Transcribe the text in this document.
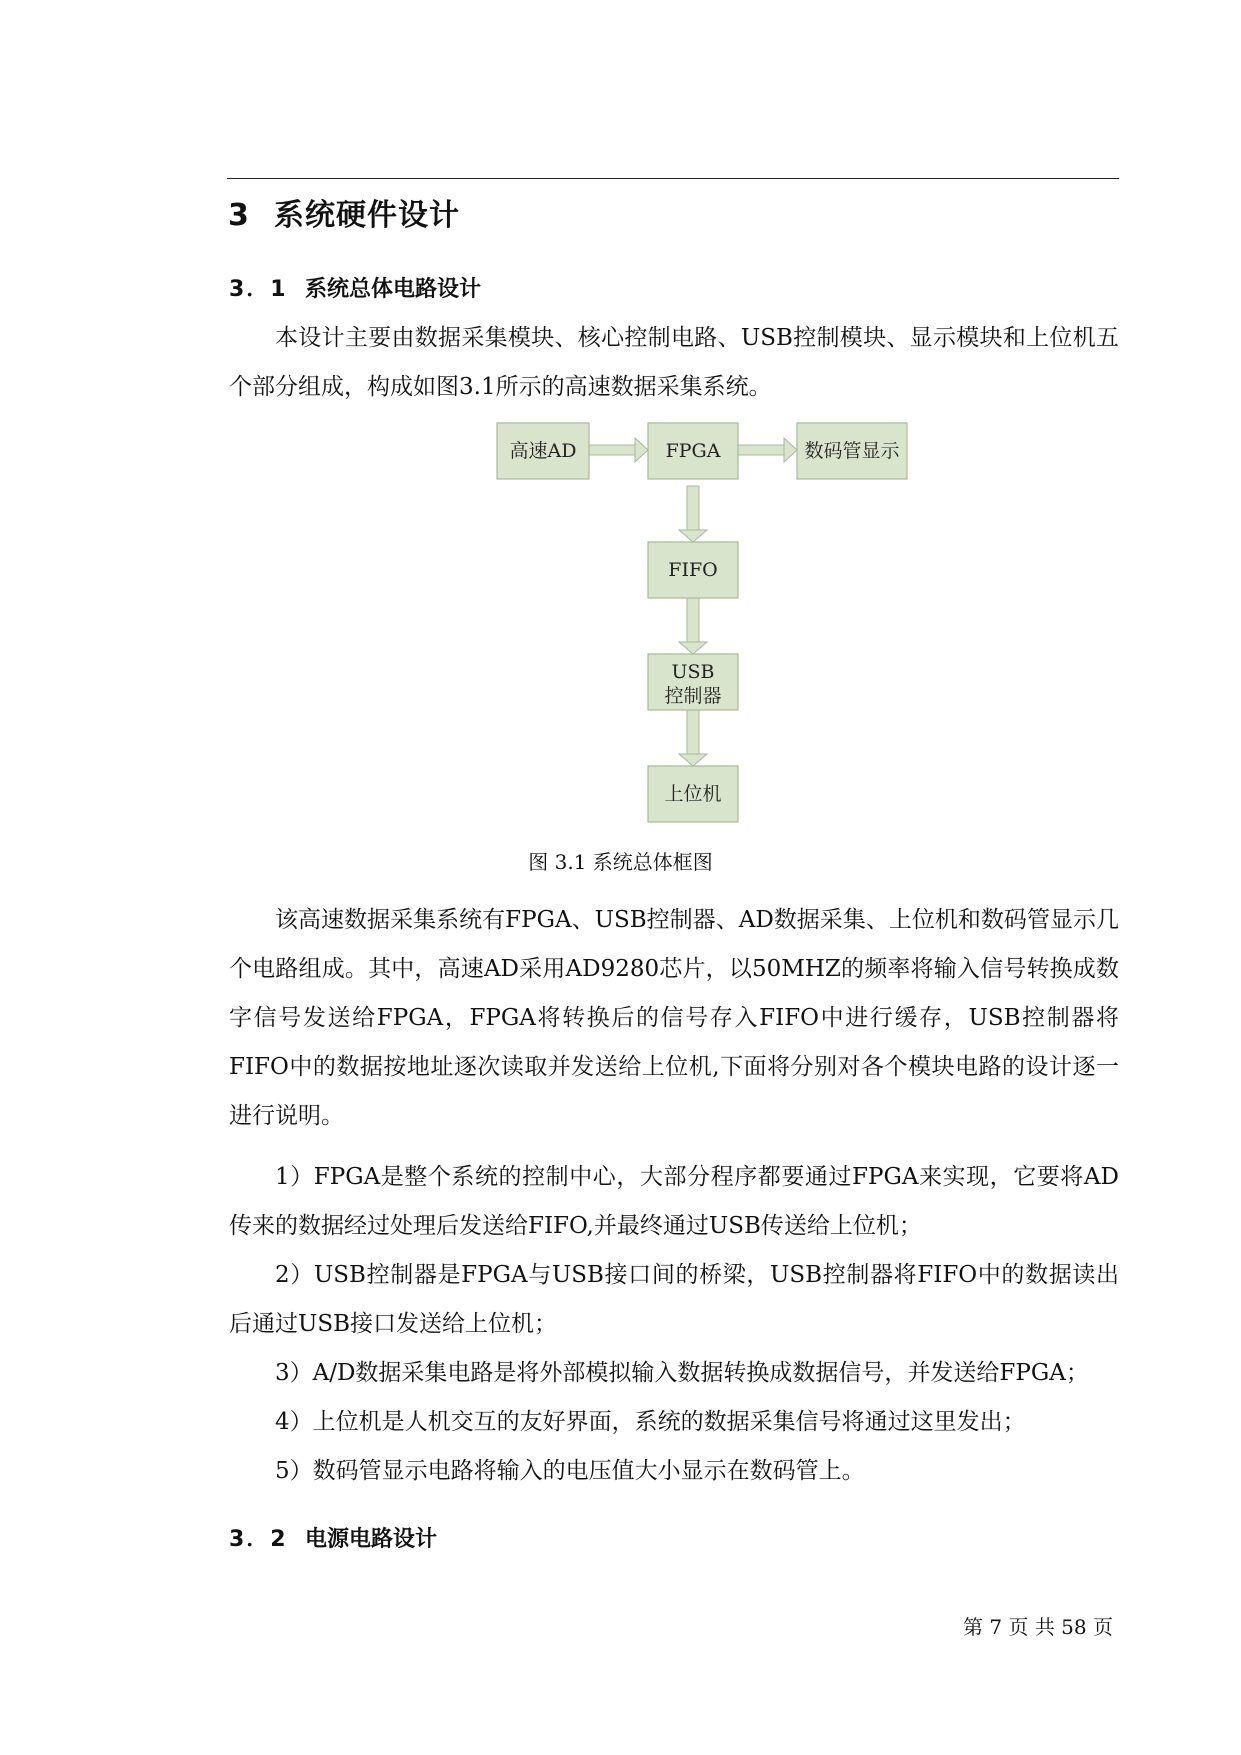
3 系统硬件设计
3．1 系统总体电路设计
本设计主要由数据采集模块、核心控制电路、USB控制模块、显示模块和上位机五个部分组成，构成如图3.1所示的高速数据采集系统。
高速AD	FPGA	数码管显示
FIFO
USB
控制器
上位机
图 3.1 系统总体框图
该高速数据采集系统有FPGA、USB控制器、AD数据采集、上位机和数码管显示几个电路组成。其中，高速AD采用AD9280芯片，以50MHZ的频率将输入信号转换成数字信号发送给FPGA，FPGA将转换后的信号存入FIFO中进行缓存，USB控制器将FIFO中的数据按地址逐次读取并发送给上位机,下面将分别对各个模块电路的设计逐一进行说明。
1）FPGA是整个系统的控制中心，大部分程序都要通过FPGA来实现，它要将AD传来的数据经过处理后发送给FIFO,并最终通过USB传送给上位机；
2）USB控制器是FPGA与USB接口间的桥梁，USB控制器将FIFO中的数据读出后通过USB接口发送给上位机；
3）A/D数据采集电路是将外部模拟输入数据转换成数据信号，并发送给FPGA；
4）上位机是人机交互的友好界面，系统的数据采集信号将通过这里发出；
5）数码管显示电路将输入的电压值大小显示在数码管上。
3．2 电源电路设计
第 7 页 共 58 页
